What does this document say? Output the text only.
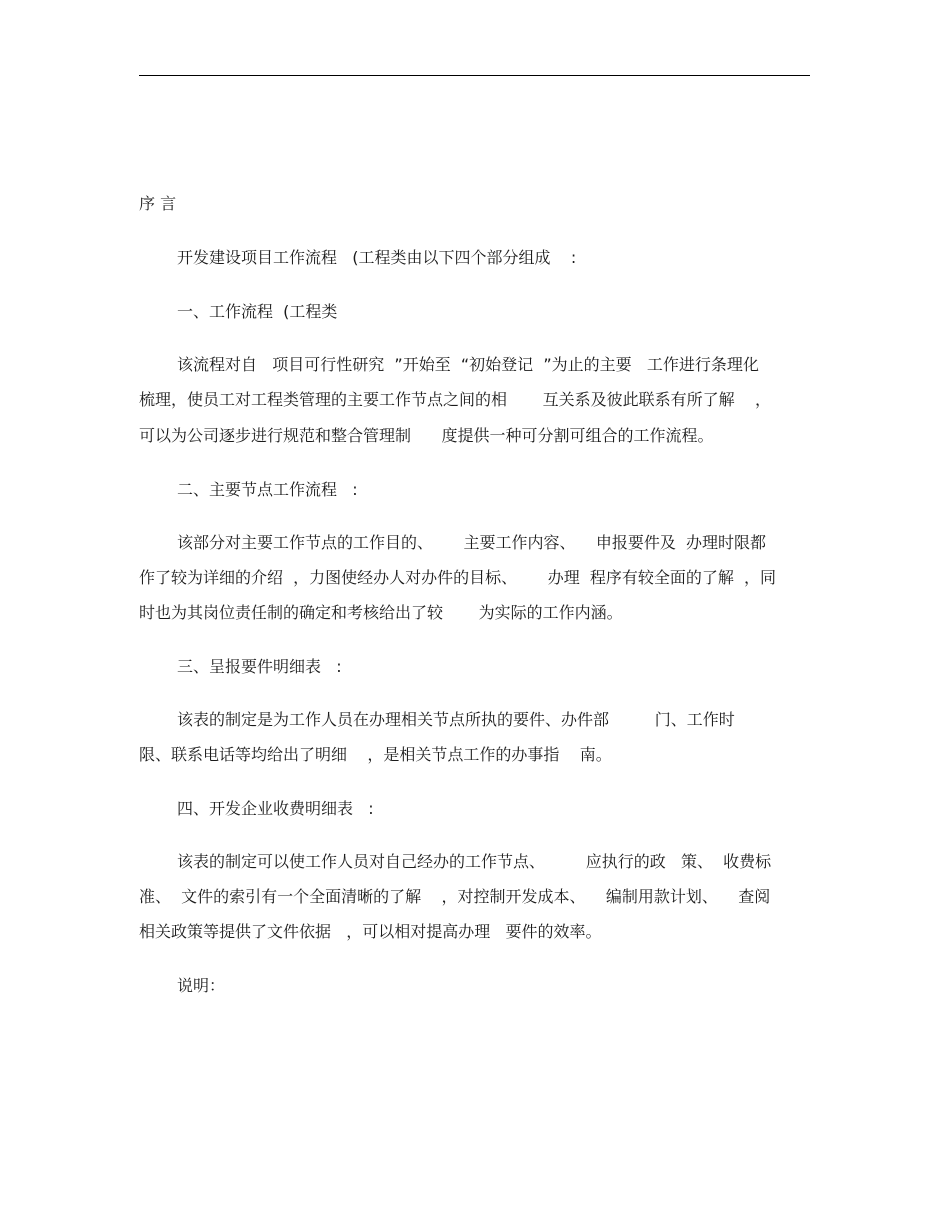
序 言
开发建设项目工作流程   (工程类由以下四个部分组成    :
一、工作流程  (工程类
该流程对自   项目可行性研究  ”开始至  “初始登记  ”为止的主要   工作进行条理化
梳理，使员工对工程类管理的主要工作节点之间的相       互关系及彼此联系有所了解    ，
可以为公司逐步进行规范和整合管理制      度提供一种可分割可组合的工作流程。
二、主要节点工作流程   :
该部分对主要工作节点的工作目的、      主要工作内容、    申报要件及  办理时限都
作了较为详细的介绍  ，力图使经办人对办件的目标、      办理  程序有较全面的了解  ，同
时也为其岗位责任制的确定和考核给出了较       为实际的工作内涵。
三、呈报要件明细表   :
该表的制定是为工作人员在办理相关节点所执的要件、办件部         门、工作时
限、联系电话等均给出了明细    ，是相关节点工作的办事指    南。
四、开发企业收费明细表   :
该表的制定可以使工作人员对自己经办的工作节点、        应执行的政   策、  收费标
准、  文件的索引有一个全面清晰的了解    ，对控制开发成本、    编制用款计划、    查阅
相关政策等提供了文件依据   ，可以相对提高办理   要件的效率。
说明：
